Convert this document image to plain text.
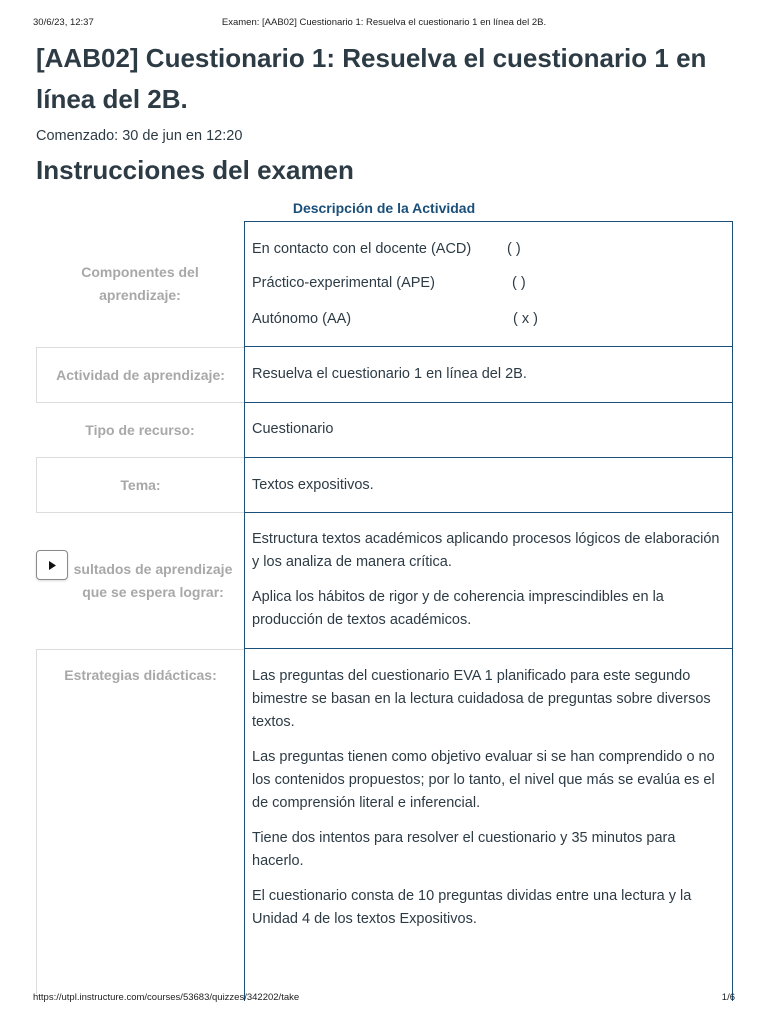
30/6/23, 12:37	Examen: [AAB02] Cuestionario 1: Resuelva el cuestionario 1 en línea del 2B.
[AAB02] Cuestionario 1: Resuelva el cuestionario 1 en línea del 2B.

Comenzado: 30 de jun en 12:20

Instrucciones del examen
Descripción de la Actividad
Componentes del aprendizaje:
En contacto con el docente (ACD) ( )
Práctico-experimental (APE)	( )
Autónomo (AA)	( x )
Actividad de aprendizaje: Resuelva el cuestionario 1 en línea del 2B.
Tipo de recurso:	Cuestionario
Tema:	Textos expositivos.
sultados de aprendizaje que se espera lograr:

Estructura textos académicos aplicando procesos lógicos de elaboración y los analiza de manera crítica.

Aplica los hábitos de rigor y de coherencia imprescindibles en la producción de textos académicos.

Estrategias didácticas: Las preguntas del cuestionario EVA 1 planificado para este segundo bimestre se basan en la lectura cuidadosa de preguntas sobre diversos textos.

Las preguntas tienen como objetivo evaluar si se han comprendido o no los contenidos propuestos; por lo tanto, el nivel que más se evalúa es el de comprensión literal e inferencial.

Tiene dos intentos para resolver el cuestionario y 35 minutos para hacerlo.

El cuestionario consta de 10 preguntas dividas entre una lectura y la Unidad 4 de los textos Expositivos.

https://utpl.instructure.com/courses/53683/quizzes/342202/take	1/6
